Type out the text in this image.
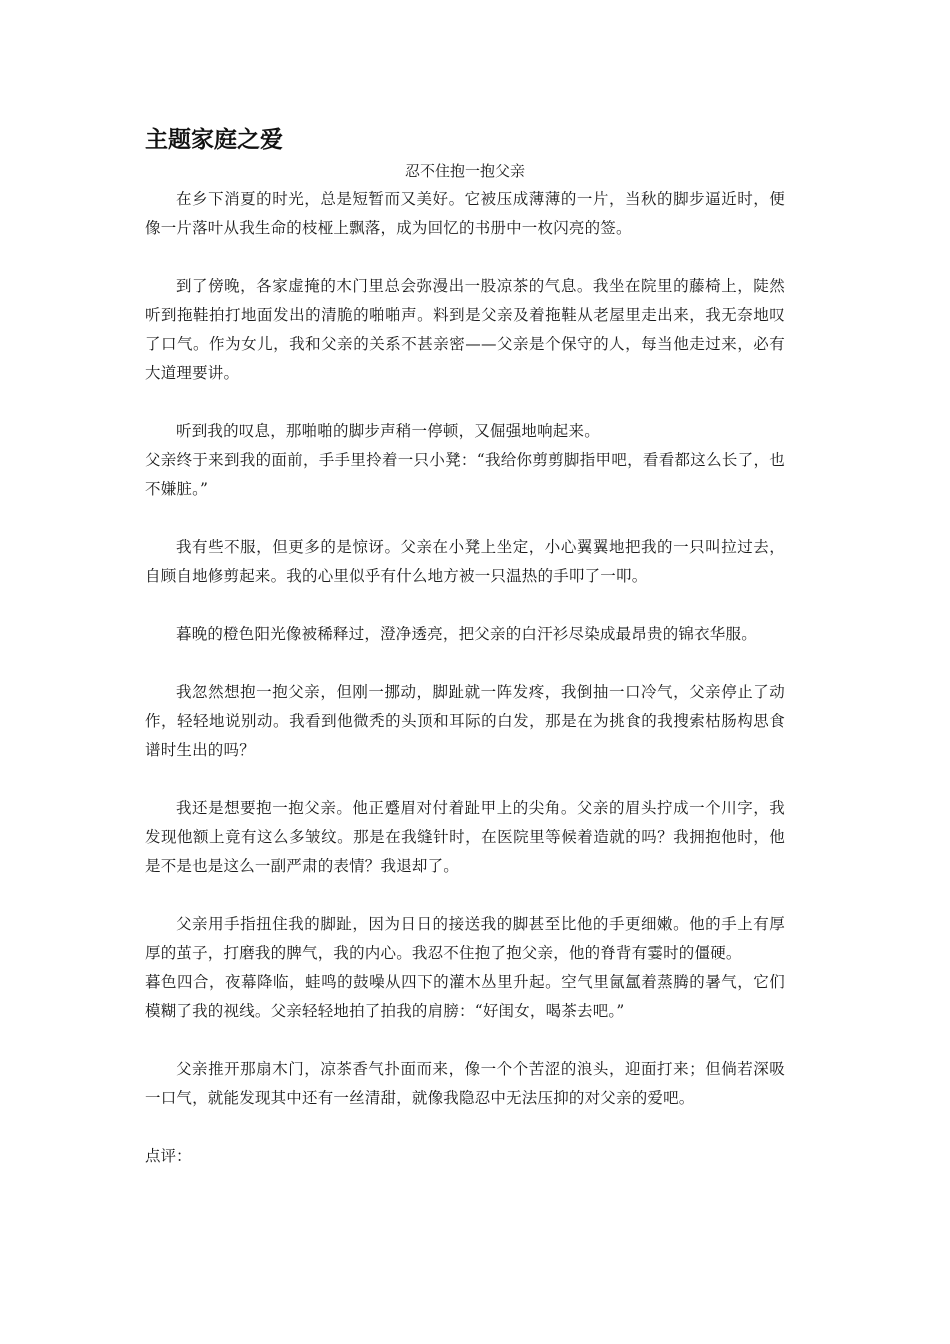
主题家庭之爱

忍不住抱一抱父亲

在乡下消夏的时光，总是短暂而又美好。它被压成薄薄的一片，当秋的脚步逼近时，便像一片落叶从我生命的枝桠上飘落，成为回忆的书册中一枚闪亮的签。

到了傍晚，各家虚掩的木门里总会弥漫出一股凉茶的气息。我坐在院里的藤椅上，陡然听到拖鞋拍打地面发出的清脆的啪啪声。料到是父亲及着拖鞋从老屋里走出来，我无奈地叹了口气。作为女儿，我和父亲的关系不甚亲密——父亲是个保守的人，每当他走过来，必有大道理要讲。

听到我的叹息，那啪啪的脚步声稍一停顿，又倔强地响起来。

父亲终于来到我的面前，手手里拎着一只小凳：“我给你剪剪脚指甲吧，看看都这么长了，也不嫌脏。”

我有些不服，但更多的是惊讶。父亲在小凳上坐定，小心翼翼地把我的一只叫拉过去，自顾自地修剪起来。我的心里似乎有什么地方被一只温热的手叩了一叩。

暮晚的橙色阳光像被稀释过，澄净透亮，把父亲的白汗衫尽染成最昂贵的锦衣华服。

我忽然想抱一抱父亲，但刚一挪动，脚趾就一阵发疼，我倒抽一口冷气，父亲停止了动作，轻轻地说别动。我看到他微秃的头顶和耳际的白发，那是在为挑食的我搜索枯肠构思食谱时生出的吗？

我还是想要抱一抱父亲。他正蹙眉对付着趾甲上的尖角。父亲的眉头拧成一个川字，我发现他额上竟有这么多皱纹。那是在我缝针时，在医院里等候着造就的吗？我拥抱他时，他是不是也是这么一副严肃的表情？我退却了。

父亲用手指扭住我的脚趾，因为日日的接送我的脚甚至比他的手更细嫩。他的手上有厚厚的茧子，打磨我的脾气，我的内心。我忍不住抱了抱父亲，他的脊背有霎时的僵硬。

暮色四合，夜幕降临，蛙鸣的鼓噪从四下的灌木丛里升起。空气里氤氲着蒸腾的暑气，它们模糊了我的视线。父亲轻轻地拍了拍我的肩膀：“好闺女，喝茶去吧。”

父亲推开那扇木门，凉茶香气扑面而来，像一个个苦涩的浪头，迎面打来；但倘若深吸一口气，就能发现其中还有一丝清甜，就像我隐忍中无法压抑的对父亲的爱吧。

点评：
